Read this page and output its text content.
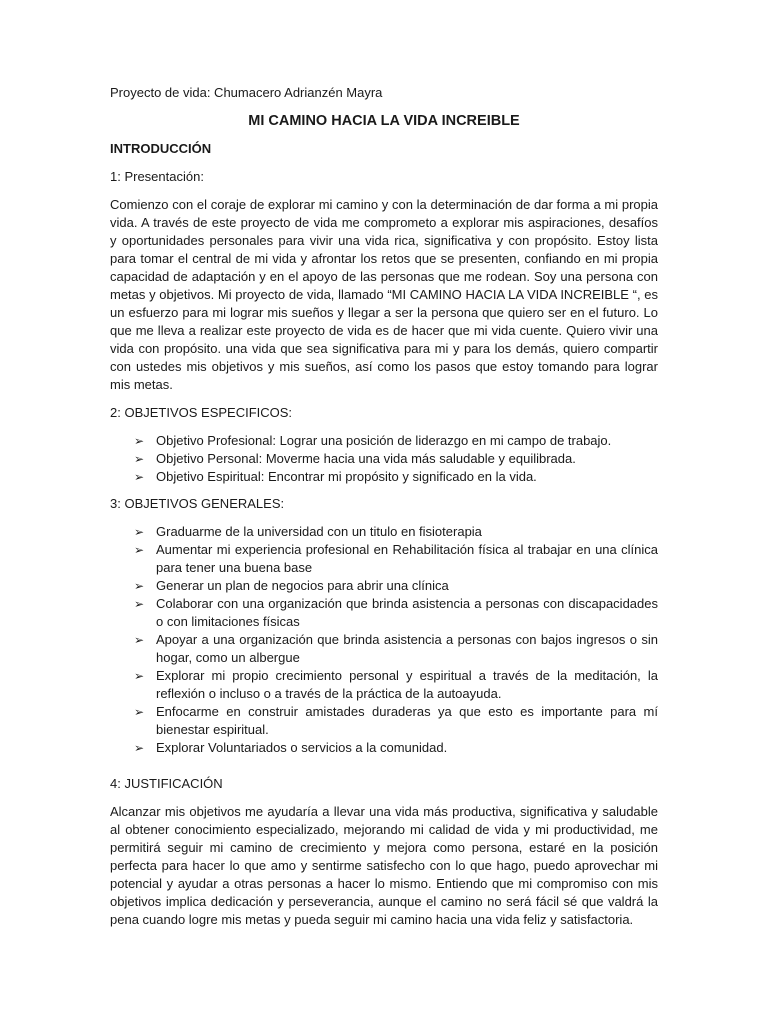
Proyecto de vida: Chumacero Adrianzén Mayra

MI CAMINO HACIA LA VIDA INCREIBLE

INTRODUCCIÓN

1: Presentación:

Comienzo con el coraje de explorar mi camino y con la determinación de dar forma a mi propia vida. A través de este proyecto de vida me comprometo a explorar mis aspiraciones, desafíos y oportunidades personales para vivir una vida rica, significativa y con propósito. Estoy lista para tomar el central de mi vida y afrontar los retos que se presenten, confiando en mi propia capacidad de adaptación y en el apoyo de las personas que me rodean. Soy una persona con metas y objetivos. Mi proyecto de vida, llamado “MI CAMINO HACIA LA VIDA INCREIBLE “, es un esfuerzo para mi lograr mis sueños y llegar a ser la persona que quiero ser en el futuro. Lo que me lleva a realizar este proyecto de vida es de hacer que mi vida cuente. Quiero vivir una vida con propósito. una vida que sea significativa para mi y para los demás, quiero compartir con ustedes mis objetivos y mis sueños, así como los pasos que estoy tomando para lograr mis metas.

2: OBJETIVOS ESPECIFICOS:

➢ Objetivo Profesional: Lograr una posición de liderazgo en mi campo de trabajo.
➢ Objetivo Personal: Moverme hacia una vida más saludable y equilibrada.
➢ Objetivo Espiritual: Encontrar mi propósito y significado en la vida.

3: OBJETIVOS GENERALES:

➢ Graduarme de la universidad con un titulo en fisioterapia
➢ Aumentar mi experiencia profesional en Rehabilitación física al trabajar en una clínica para tener una buena base
➢ Generar un plan de negocios para abrir una clínica
➢ Colaborar con una organización que brinda asistencia a personas con discapacidades o con limitaciones físicas
➢ Apoyar a una organización que brinda asistencia a personas con bajos ingresos o sin hogar, como un albergue
➢ Explorar mi propio crecimiento personal y espiritual a través de la meditación, la reflexión o incluso o a través de la práctica de la autoayuda.
➢ Enfocarme en construir amistades duraderas ya que esto es importante para mí bienestar espiritual.
➢ Explorar Voluntariados o servicios a la comunidad.

4: JUSTIFICACIÓN

Alcanzar mis objetivos me ayudaría a llevar una vida más productiva, significativa y saludable al obtener conocimiento especializado, mejorando mi calidad de vida y mi productividad, me permitirá seguir mi camino de crecimiento y mejora como persona, estaré en la posición perfecta para hacer lo que amo y sentirme satisfecho con lo que hago, puedo aprovechar mi potencial y ayudar a otras personas a hacer lo mismo. Entiendo que mi compromiso con mis objetivos implica dedicación y perseverancia, aunque el camino no será fácil sé que valdrá la pena cuando logre mis metas y pueda seguir mi camino hacia una vida feliz y satisfactoria.
